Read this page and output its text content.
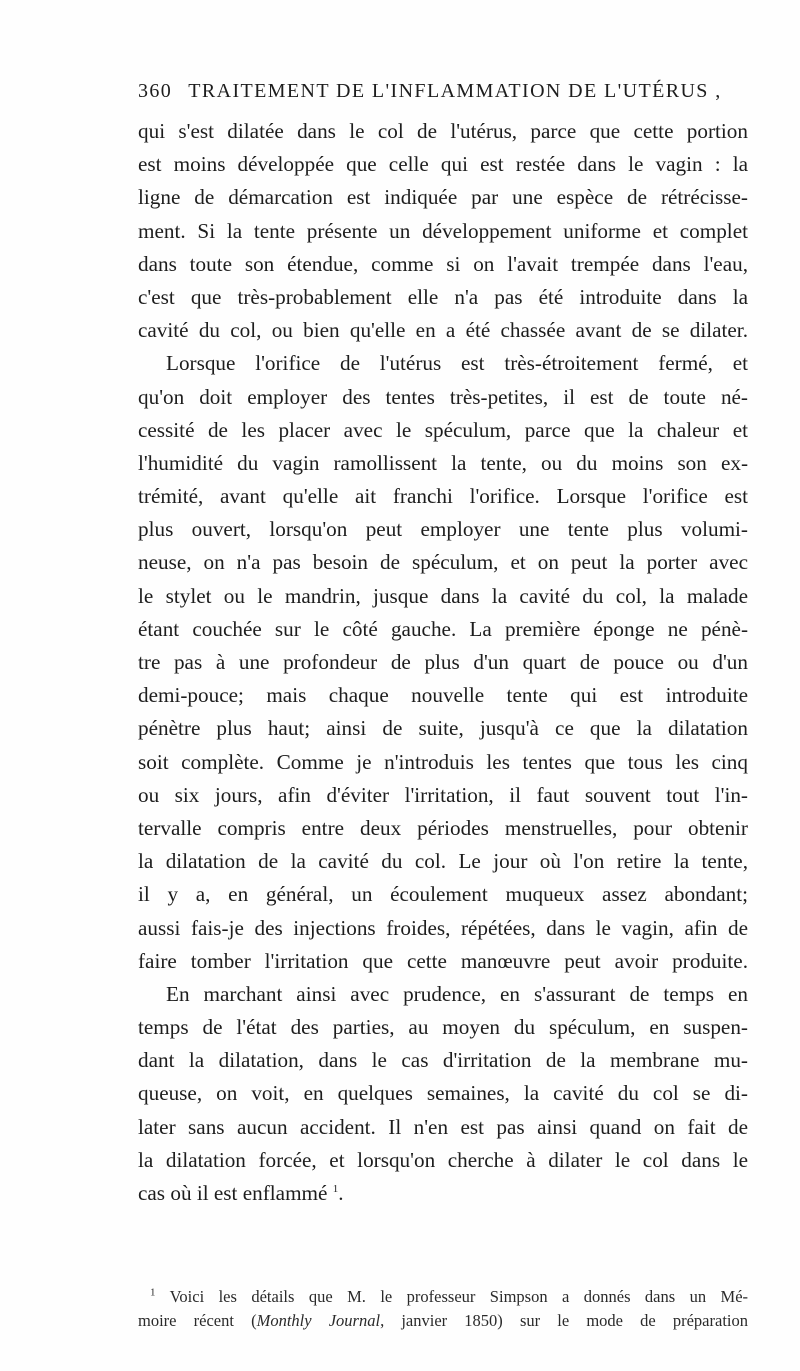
360 TRAITEMENT DE L'INFLAMMATION DE L'UTÉRUS ,
qui s'est dilatée dans le col de l'utérus, parce que cette portion
est moins développée que celle qui est restée dans le vagin : la
ligne de démarcation est indiquée par une espèce de rétrécisse-
ment. Si la tente présente un développement uniforme et complet
dans toute son étendue, comme si on l'avait trempée dans l'eau,
c'est que très-probablement elle n'a pas été introduite dans la
cavité du col, ou bien qu'elle en a été chassée avant de se dilater.
Lorsque l'orifice de l'utérus est très-étroitement fermé, et
qu'on doit employer des tentes très-petites, il est de toute né-
cessité de les placer avec le spéculum, parce que la chaleur et
l'humidité du vagin ramollissent la tente, ou du moins son ex-
trémité, avant qu'elle ait franchi l'orifice. Lorsque l'orifice est
plus ouvert, lorsqu'on peut employer une tente plus volumi-
neuse, on n'a pas besoin de spéculum, et on peut la porter avec
le stylet ou le mandrin, jusque dans la cavité du col, la malade
étant couchée sur le côté gauche. La première éponge ne pénè-
tre pas à une profondeur de plus d'un quart de pouce ou d'un
demi-pouce; mais chaque nouvelle tente qui est introduite
pénètre plus haut; ainsi de suite, jusqu'à ce que la dilatation
soit complète. Comme je n'introduis les tentes que tous les cinq
ou six jours, afin d'éviter l'irritation, il faut souvent tout l'in-
tervalle compris entre deux périodes menstruelles, pour obtenir
la dilatation de la cavité du col. Le jour où l'on retire la tente,
il y a, en général, un écoulement muqueux assez abondant;
aussi fais-je des injections froides, répétées, dans le vagin, afin de
faire tomber l'irritation que cette manœuvre peut avoir produite.
En marchant ainsi avec prudence, en s'assurant de temps en
temps de l'état des parties, au moyen du spéculum, en suspen-
dant la dilatation, dans le cas d'irritation de la membrane mu-
queuse, on voit, en quelques semaines, la cavité du col se di-
later sans aucun accident. Il n'en est pas ainsi quand on fait de
la dilatation forcée, et lorsqu'on cherche à dilater le col dans le
cas où il est enflammé $^1$.
$^1$ Voici les détails que M. le professeur Simpson a donnés dans un Mé-
moire récent (Monthly Journal, janvier 1850) sur le mode de préparation
